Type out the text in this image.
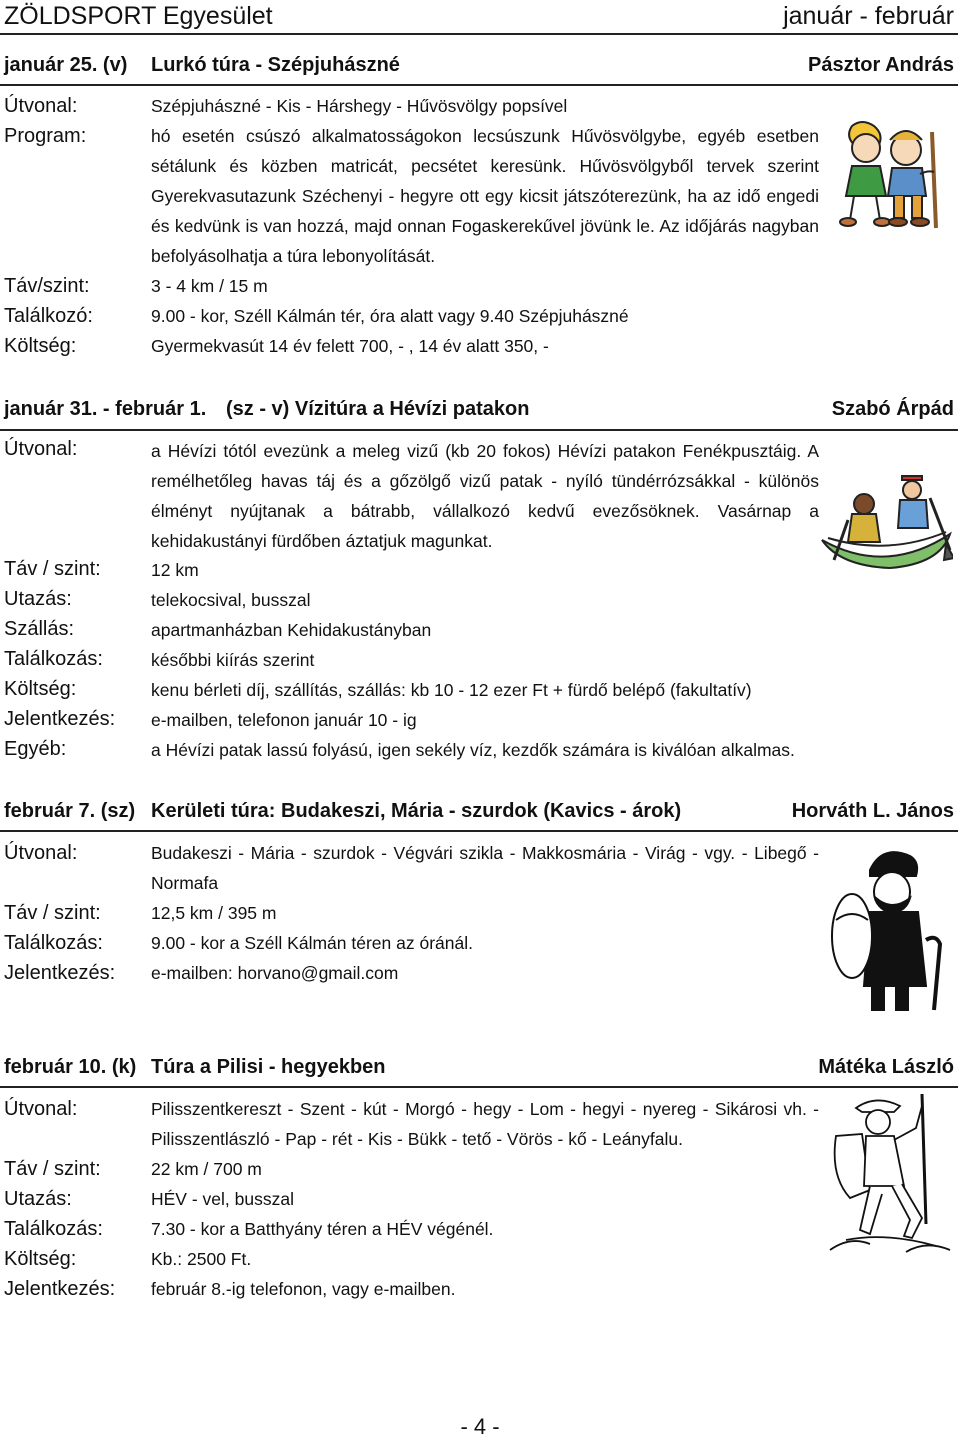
ZÖLDSPORT Egyesület	január - február
január 25. (v) Lurkó túra - Szépjuhászné	Pásztor András
Útvonal:	Szépjuhászné - Kis - Hárshegy - Hűvösvölgy popsível
Program:	hó esetén csúszó alkalmatosságokon lecsúszunk Hűvösvölgybe, egyéb esetben sétálunk és közben matricát, pecsétet keresünk. Hűvösvölgyből tervek szerint Gyerekvasutazunk Széchenyi - hegyre ott egy kicsit játszóterezünk, ha az idő engedi és kedvünk is van hozzá, majd onnan Fogaskerekűvel jövünk le. Az időjárás nagyban befolyásolhatja a túra lebonyolítását.
Táv/szint:	3 - 4 km / 15 m
Találkozó:	9.00 - kor, Széll Kálmán tér, óra alatt vagy 9.40 Szépjuhászné
Költség:	Gyermekvasút 14 év felett 700, - , 14 év alatt 350, -
január 31. - február 1. (sz - v) Vízitúra a Hévízi patakon	Szabó Árpád
Útvonal:	a Hévízi tótól evezünk a meleg vizű (kb 20 fokos) Hévízi patakon Fenékpusztáig. A remélhetőleg havas táj és a gőzölgő vizű patak - nyíló tündérrózsákkal - különös élményt nyújtanak a bátrabb, vállalkozó kedvű evezősöknek. Vasárnap a kehidakustányi fürdőben áztatjuk magunkat.
Táv / szint:	12 km
Utazás:	telekocsival, busszal
Szállás:	apartmanházban Kehidakustányban
Találkozás:	későbbi kiírás szerint
Költség:	kenu bérleti díj, szállítás, szállás: kb 10 - 12 ezer Ft + fürdő belépő (fakultatív)
Jelentkezés: e-mailben, telefonon január 10 - ig
Egyéb:	a Hévízi patak lassú folyású, igen sekély víz, kezdők számára is kiválóan alkalmas.
február 7. (sz) Kerületi túra: Budakeszi, Mária - szurdok (Kavics - árok)	Horváth L. János
Útvonal:	Budakeszi - Mária - szurdok - Végvári szikla - Makkosmária - Virág - vgy. - Libegő - Normafa
Táv / szint:	12,5 km / 395 m
Találkozás:	9.00 - kor a Széll Kálmán téren az óránál.
Jelentkezés: e-mailben: horvano@gmail.com
február 10. (k) Túra a Pilisi - hegyekben	Mátéka László
Útvonal:	Pilisszentkereszt - Szent - kút - Morgó - hegy - Lom - hegyi - nyereg - Sikárosi vh. - Pilisszentlászló - Pap - rét - Kis - Bükk - tető - Vörös - kő - Leányfalu.
Táv / szint:	22 km / 700 m
Utazás:	HÉV - vel, busszal
Találkozás:	7.30 - kor a Batthyány téren a HÉV végénél.
Költség:	Kb.: 2500 Ft.
Jelentkezés: február 8.-ig telefonon, vagy e-mailben.
- 4 -
